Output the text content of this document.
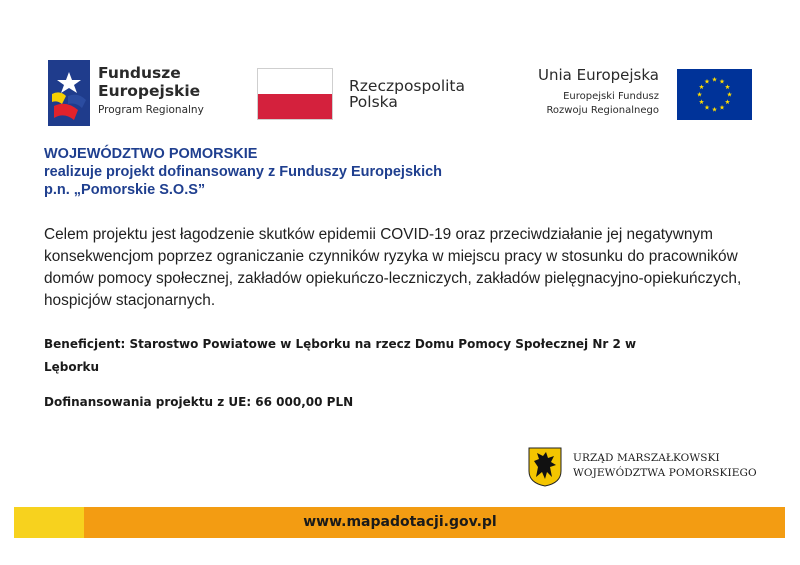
Fundusze
Europejskie
Program Regionalny
Rzeczpospolita
Polska
Unia Europejska
Europejski Fundusz
Rozwoju Regionalnego
WOJEWÓDZTWO POMORSKIE
realizuje projekt dofinansowany z Funduszy Europejskich
p.n. „Pomorskie S.O.S”

Celem projektu jest łagodzenie skutków epidemii COVID-19 oraz przeciwdziałanie jej negatywnym konsekwencjom poprzez ograniczanie czynników ryzyka w miejscu pracy w stosunku do pracowników domów pomocy społecznej, zakładów opiekuńczo-leczniczych, zakładów pielęgnacyjno-opiekuńczych, hospicjów stacjonarnych.

Beneficjent: Starostwo Powiatowe w Lęborku na rzecz Domu Pomocy Społecznej Nr 2 w Lęborku
Dofinansowania projektu z UE: 66 000,00 PLN
URZĄD MARSZAŁKOWSKI
WOJEWÓDZTWA POMORSKIEGO
www.mapadotacji.gov.pl
